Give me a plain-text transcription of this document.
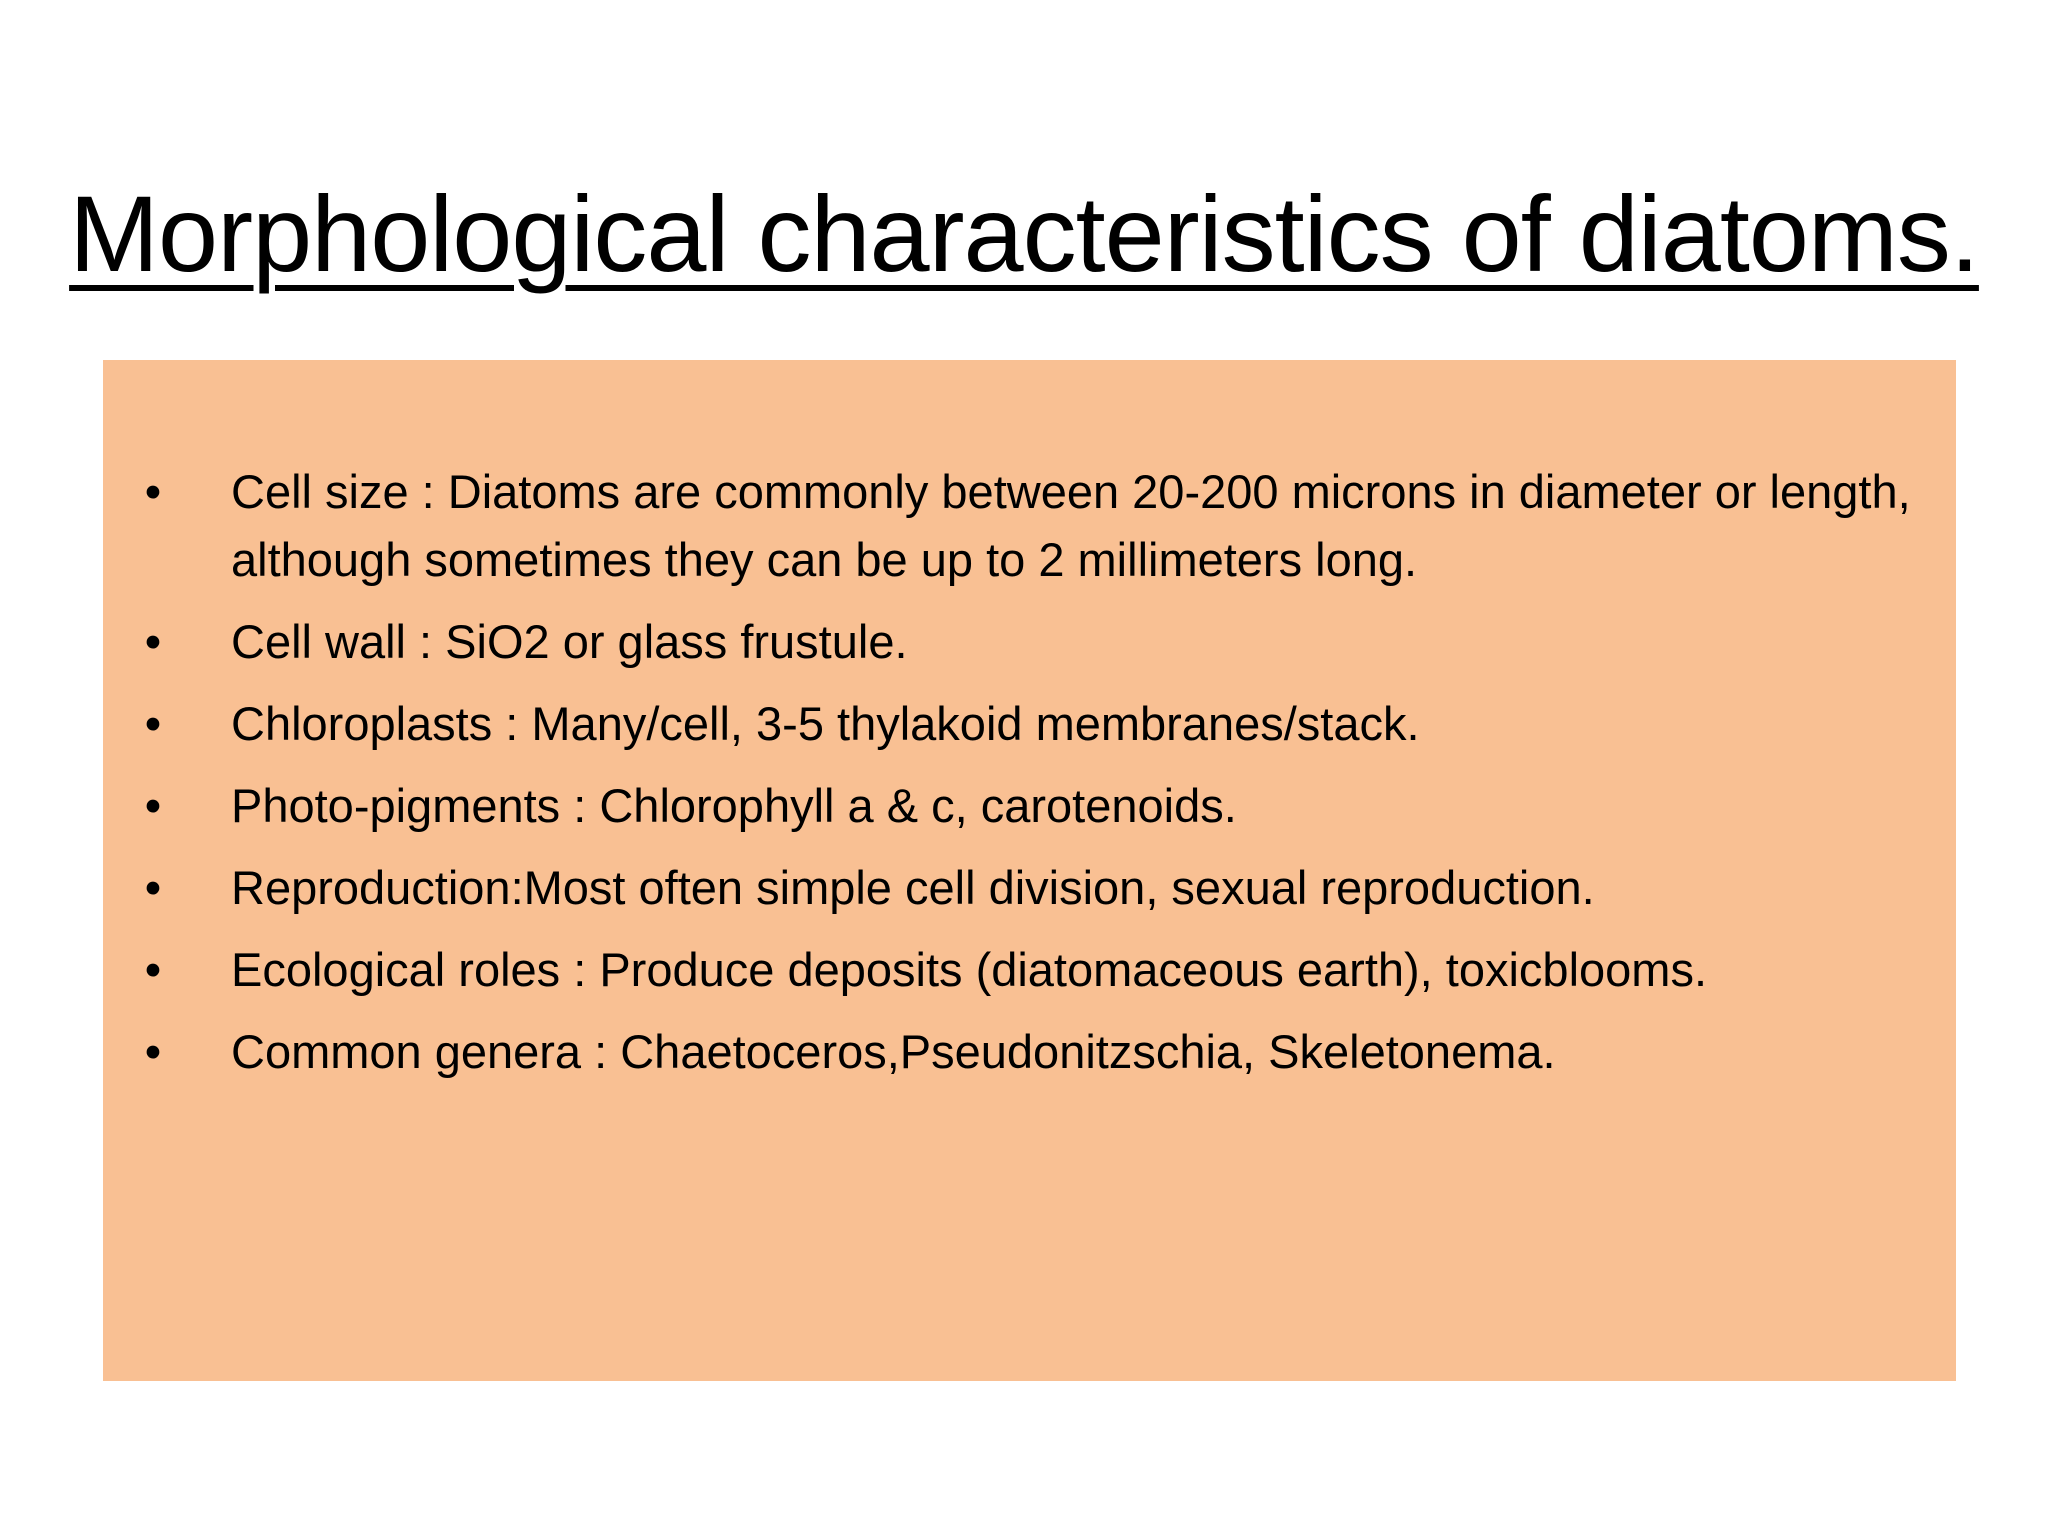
Morphological characteristics of diatoms.
• Cell size : Diatoms are commonly between 20-200 microns in diameter or length, although sometimes they can be up to 2 millimeters long.
• Cell wall : SiO2 or glass frustule.
• Chloroplasts : Many/cell, 3-5 thylakoid membranes/stack.
• Photo-pigments : Chlorophyll a & c, carotenoids.
• Reproduction:Most often simple cell division, sexual reproduction.
• Ecological roles : Produce deposits (diatomaceous earth), toxicblooms.
• Common genera : Chaetoceros,Pseudonitzschia, Skeletonema.
